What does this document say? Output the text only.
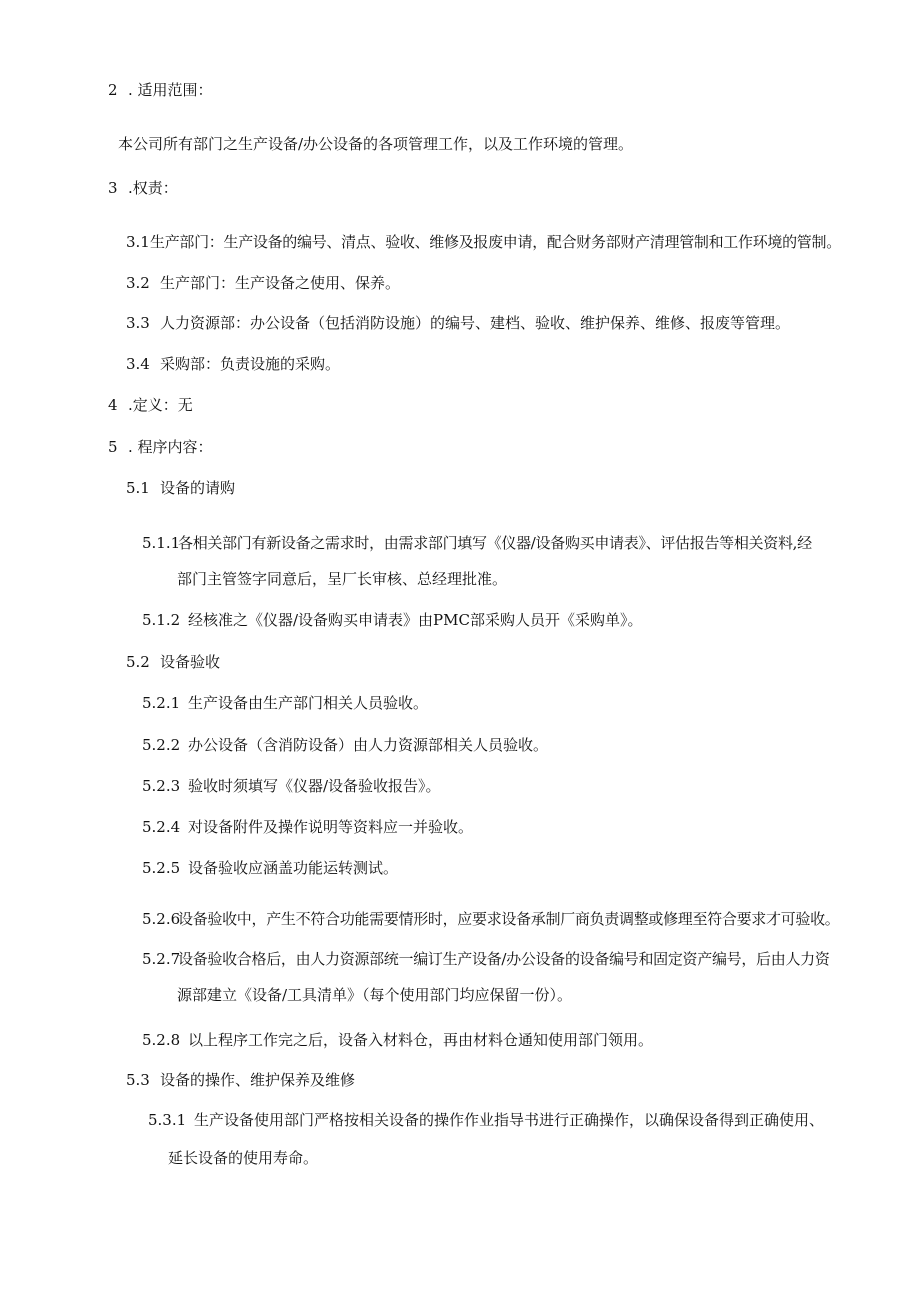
2 . 适用范围：
本公司所有部门之生产设备/办公设备的各项管理工作，以及工作环境的管理。
3 .权责：
3.1 生产部门：生产设备的编号、清点、验收、维修及报废申请，配合财务部财产清理管制和工作环境的管制。
3.2 生产部门：生产设备之使用、保养。
3.3 人力资源部：办公设备（包括消防设施）的编号、建档、验收、维护保养、维修、报废等管理。
3.4 采购部：负责设施的采购。
4 .定义：无
5 . 程序内容：
5.1 设备的请购
5.1.1
各相关部门有新设备之需求时，由需求部门填写《仪器/设备购买申请表》、评估报告等相关资料,经
部门主管签字同意后，呈厂长审核、总经理批准。
5.1.2 经核准之《仪器/设备购买申请表》由PMC部采购人员开《采购单》。
5.2 设备验收
5.2.1 生产设备由生产部门相关人员验收。
5.2.2 办公设备（含消防设备）由人力资源部相关人员验收。
5.2.3 验收时须填写《仪器/设备验收报告》。
5.2.4 对设备附件及操作说明等资料应一并验收。
5.2.5 设备验收应涵盖功能运转测试。
5.2.6
设备验收中，产生不符合功能需要情形时，应要求设备承制厂商负责调整或修理至符合要求才可验收。
5.2.7
设备验收合格后，由人力资源部统一编订生产设备/办公设备的设备编号和固定资产编号，后由人力资
源部建立《设备/工具清单》（每个使用部门均应保留一份）。
5.2.8 以上程序工作完之后，设备入材料仓，再由材料仓通知使用部门领用。
5.3 设备的操作、维护保养及维修
5.3.1 生产设备使用部门严格按相关设备的操作作业指导书进行正确操作，以确保设备得到正确使用、
延长设备的使用寿命。
